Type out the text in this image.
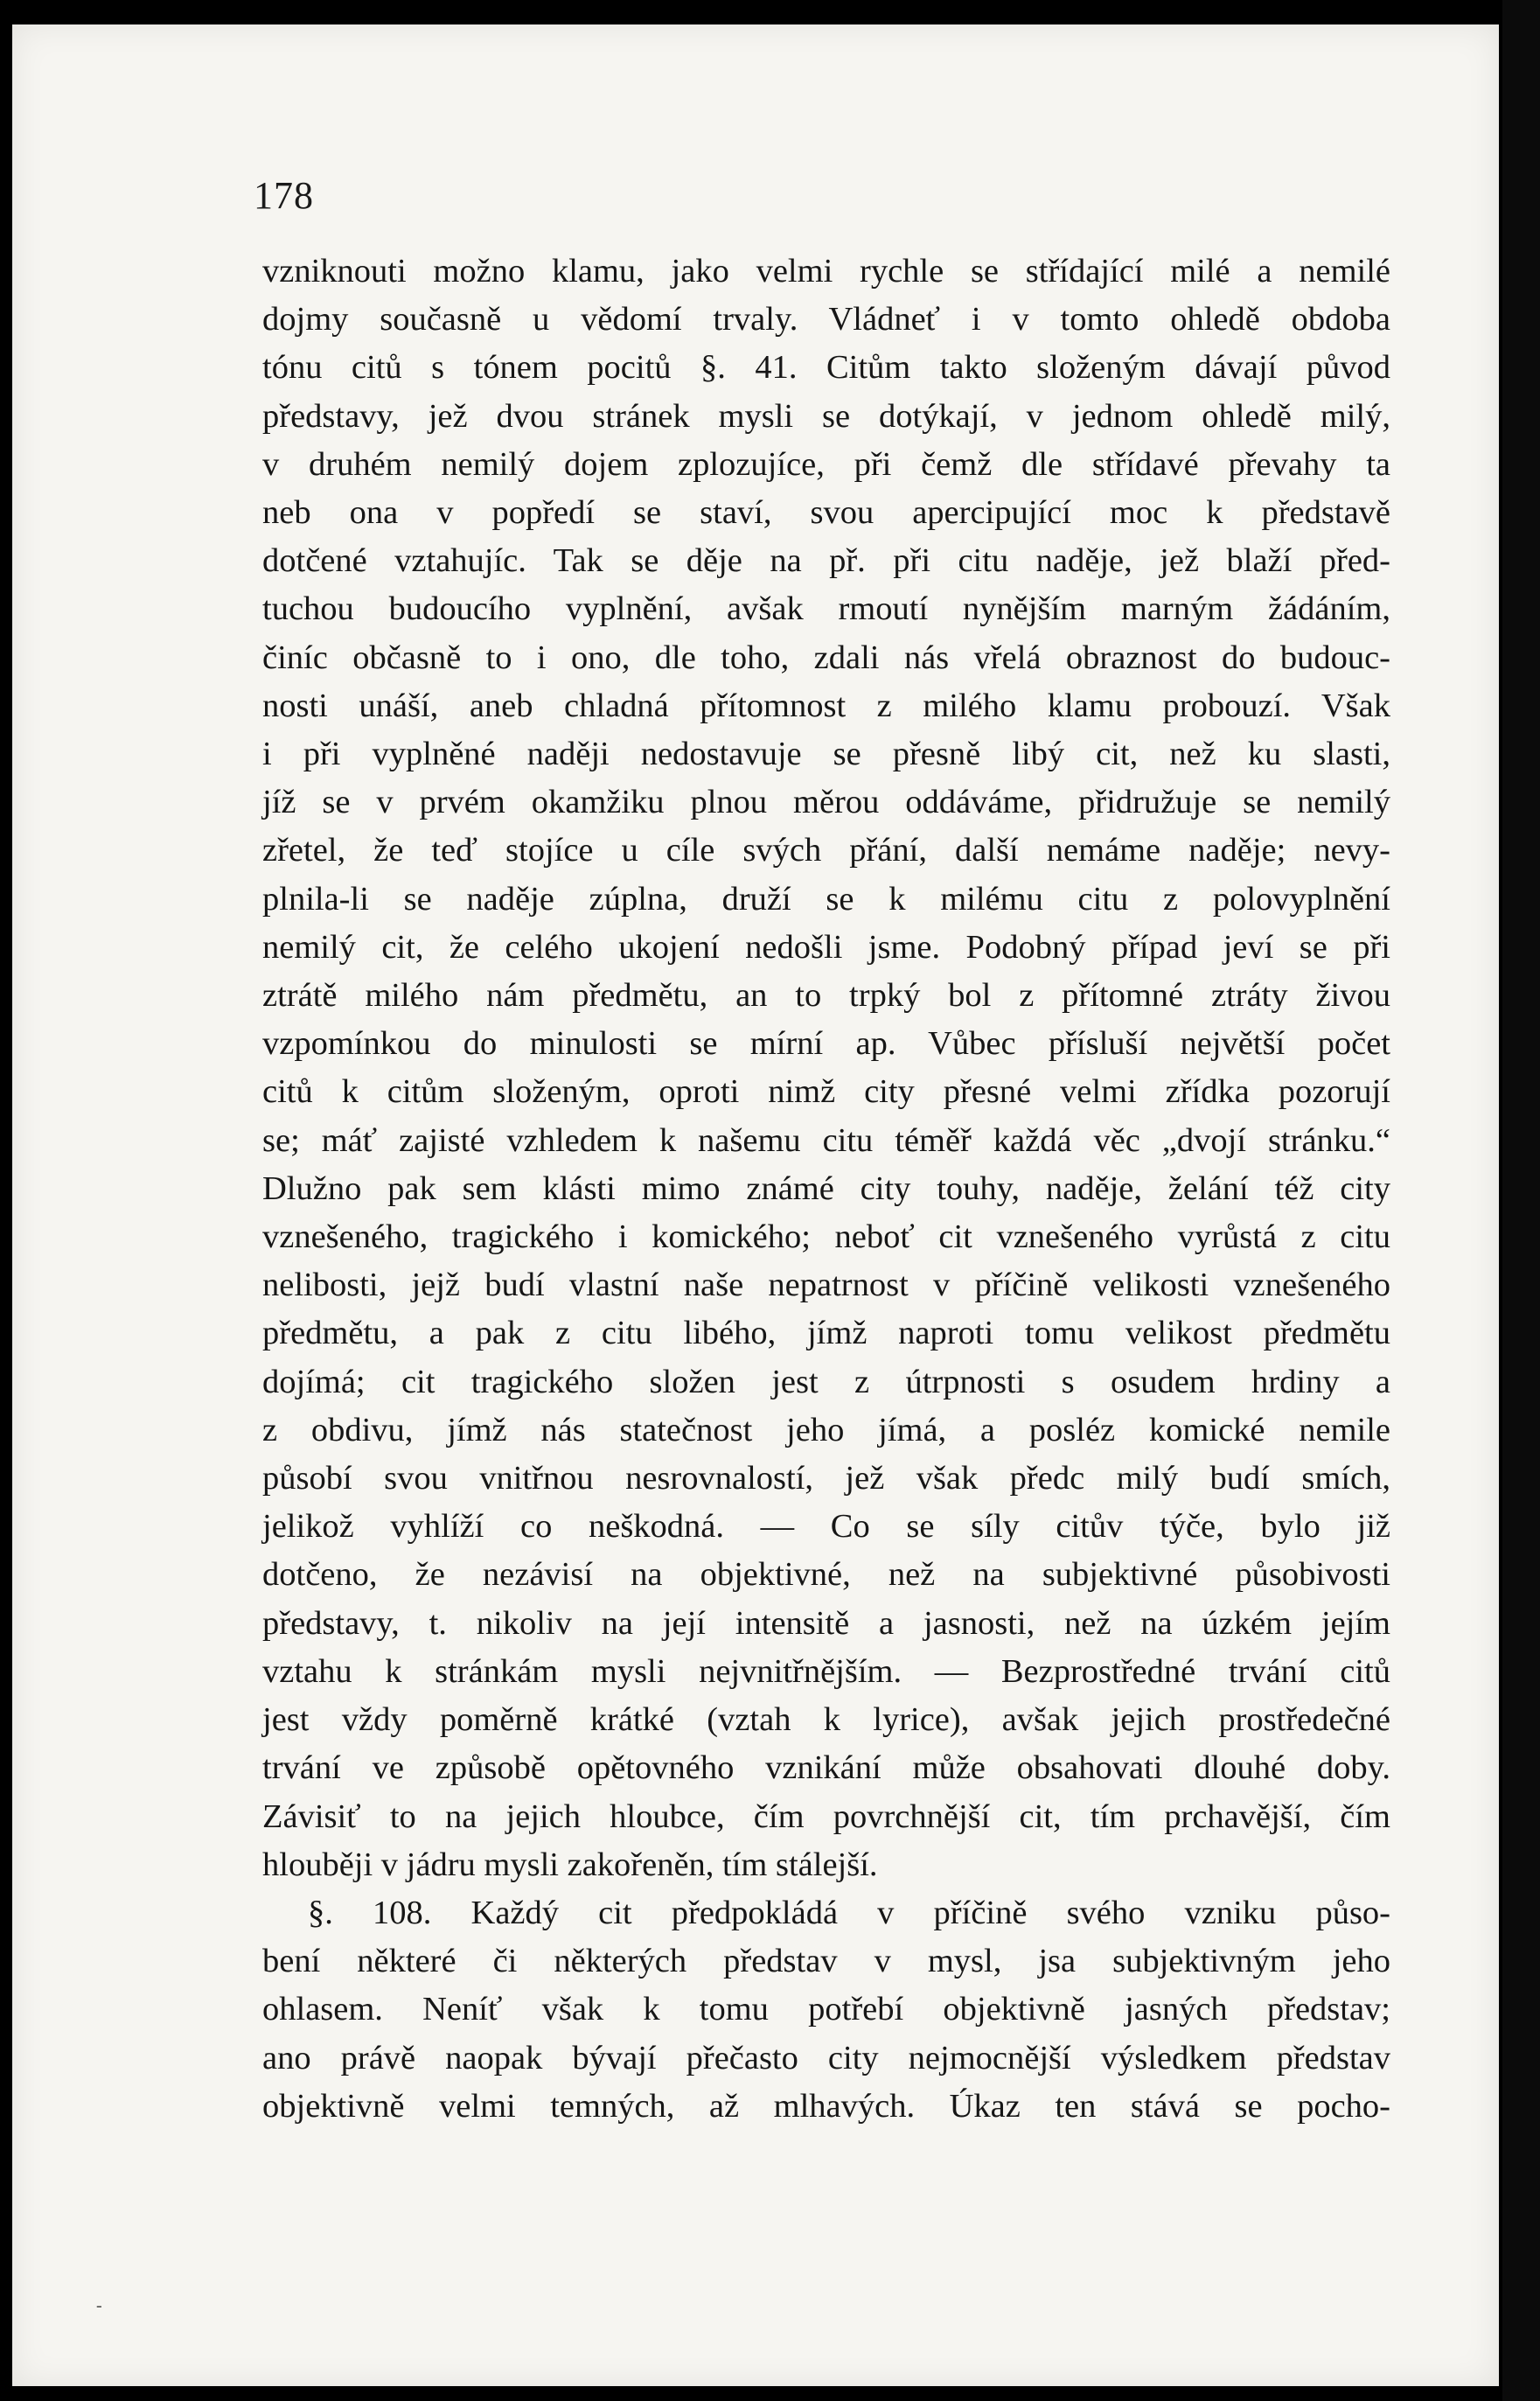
178
vzniknouti možno klamu, jako velmi rychle se střídající milé a nemilé
dojmy současně u vědomí trvaly. Vládneť i v tomto ohledě obdoba
tónu citů s tónem pocitů §. 41. Citům takto složeným dávají původ
představy, jež dvou stránek mysli se dotýkají, v jednom ohledě milý,
v druhém nemilý dojem zplozujíce, při čemž dle střídavé převahy ta
neb ona v popředí se staví, svou apercipující moc k představě
dotčené vztahujíc. Tak se děje na př. při citu naděje, jež blaží před-
tuchou budoucího vyplnění, avšak rmoutí nynějším marným žádáním,
činíc občasně to i ono, dle toho, zdali nás vřelá obraznost do budouc-
nosti unáší, aneb chladná přítomnost z milého klamu probouzí. Však
i při vyplněné naději nedostavuje se přesně libý cit, než ku slasti,
jíž se v prvém okamžiku plnou měrou oddáváme, přidružuje se nemilý
zřetel, že teď stojíce u cíle svých přání, další nemáme naděje; nevy-
plnila-li se naděje zúplna, druží se k milému citu z polovyplnění
nemilý cit, že celého ukojení nedošli jsme. Podobný případ jeví se při
ztrátě milého nám předmětu, an to trpký bol z přítomné ztráty živou
vzpomínkou do minulosti se mírní ap. Vůbec přísluší největší počet
citů k citům složeným, oproti nimž city přesné velmi zřídka pozorují
se; máť zajisté vzhledem k našemu citu téměř každá věc „dvojí stránku.“
Dlužno pak sem klásti mimo známé city touhy, naděje, želání též city
vznešeného, tragického i komického; neboť cit vznešeného vyrůstá z citu
nelibosti, jejž budí vlastní naše nepatrnost v příčině velikosti vznešeného
předmětu, a pak z citu libého, jímž naproti tomu velikost předmětu
dojímá; cit tragického složen jest z útrpnosti s osudem hrdiny a
z obdivu, jímž nás statečnost jeho jímá, a posléz komické nemile
působí svou vnitřnou nesrovnalostí, jež však předc milý budí smích,
jelikož vyhlíží co neškodná. — Co se síly citův týče, bylo již
dotčeno, že nezávisí na objektivné, než na subjektivné působivosti
představy, t. nikoliv na její intensitě a jasnosti, než na úzkém jejím
vztahu k stránkám mysli nejvnitřnějším. — Bezprostředné trvání citů
jest vždy poměrně krátké (vztah k lyrice), avšak jejich prostředečné
trvání ve způsobě opětovného vznikání může obsahovati dlouhé doby.
Závisiť to na jejich hloubce, čím povrchnější cit, tím prchavější, čím
hlouběji v jádru mysli zakořeněn, tím stálejší.
§. 108. Každý cit předpokládá v příčině svého vzniku půso-
bení některé či některých představ v mysl, jsa subjektivným jeho
ohlasem. Neníť však k tomu potřebí objektivně jasných představ;
ano právě naopak bývají přečasto city nejmocnější výsledkem představ
objektivně velmi temných, až mlhavých. Úkaz ten stává se pocho-
-
